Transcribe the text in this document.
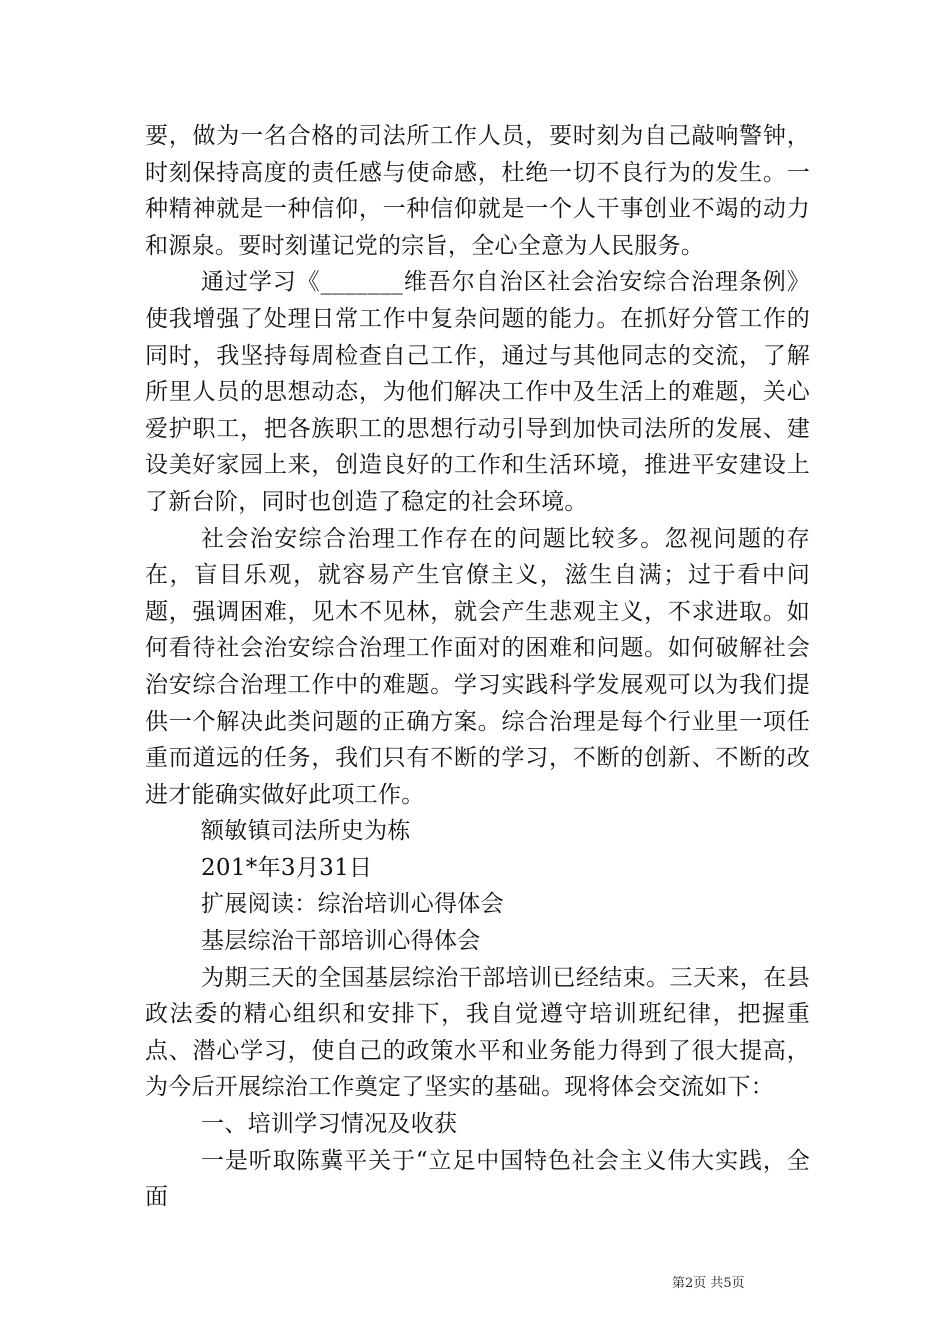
要，做为一名合格的司法所工作人员，要时刻为自己敲响警钟，时刻保持高度的责任感与使命感，杜绝一切不良行为的发生。一种精神就是一种信仰，一种信仰就是一个人干事创业不竭的动力和源泉。要时刻谨记党的宗旨，全心全意为人民服务。

通过学习《_______维吾尔自治区社会治安综合治理条例》使我增强了处理日常工作中复杂问题的能力。在抓好分管工作的同时，我坚持每周检查自己工作，通过与其他同志的交流，了解所里人员的思想动态，为他们解决工作中及生活上的难题，关心爱护职工，把各族职工的思想行动引导到加快司法所的发展、建设美好家园上来，创造良好的工作和生活环境，推进平安建设上了新台阶，同时也创造了稳定的社会环境。

社会治安综合治理工作存在的问题比较多。忽视问题的存在，盲目乐观，就容易产生官僚主义，滋生自满；过于看中问题，强调困难，见木不见林，就会产生悲观主义，不求进取。如何看待社会治安综合治理工作面对的困难和问题。如何破解社会治安综合治理工作中的难题。学习实践科学发展观可以为我们提供一个解决此类问题的正确方案。综合治理是每个行业里一项任重而道远的任务，我们只有不断的学习，不断的创新、不断的改进才能确实做好此项工作。

额敏镇司法所史为栋

201*年3月31日

扩展阅读：综治培训心得体会

基层综治干部培训心得体会

为期三天的全国基层综治干部培训已经结束。三天来，在县政法委的精心组织和安排下，我自觉遵守培训班纪律，把握重点、潜心学习，使自己的政策水平和业务能力得到了很大提高，为今后开展综治工作奠定了坚实的基础。现将体会交流如下：

一、培训学习情况及收获

一是听取陈冀平关于“立足中国特色社会主义伟大实践，全面

第2页 共5页
